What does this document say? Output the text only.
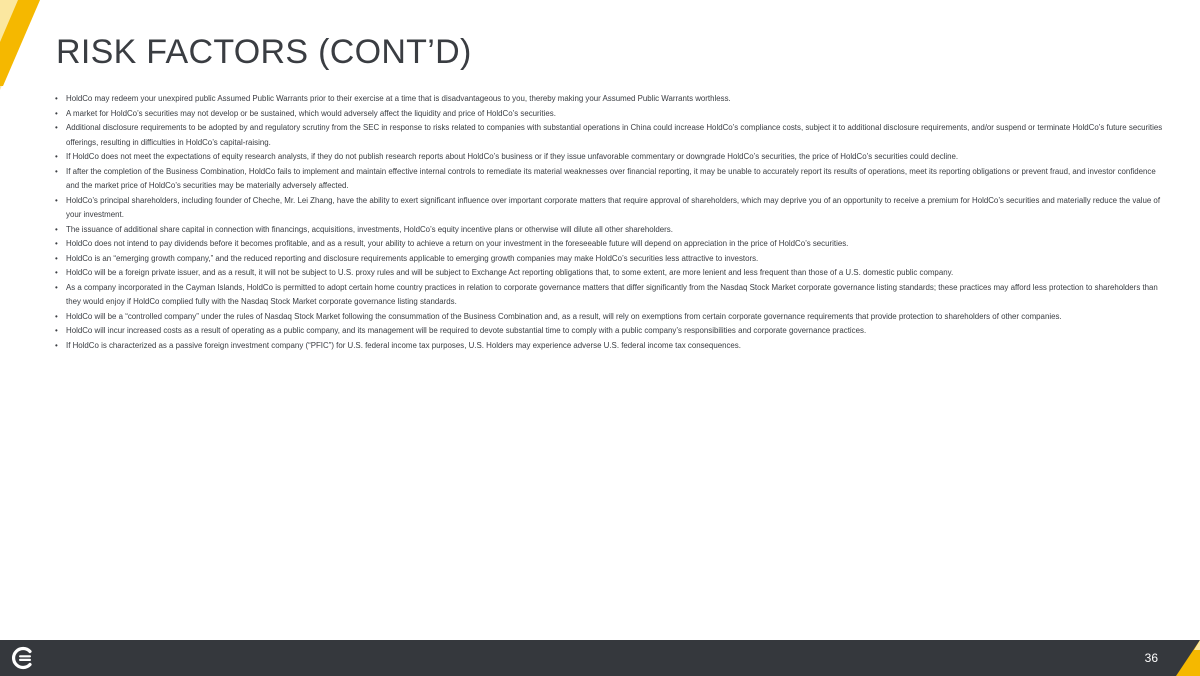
RISK FACTORS (CONT’D)
• HoldCo may redeem your unexpired public Assumed Public Warrants prior to their exercise at a time that is disadvantageous to you, thereby making your Assumed Public Warrants worthless.
• A market for HoldCo’s securities may not develop or be sustained, which would adversely affect the liquidity and price of HoldCo’s securities.
• Additional disclosure requirements to be adopted by and regulatory scrutiny from the SEC in response to risks related to companies with substantial operations in China could increase HoldCo’s compliance costs, subject it to additional disclosure requirements, and/or suspend or terminate HoldCo’s future securities offerings, resulting in difficulties in HoldCo’s capital-raising.
• If HoldCo does not meet the expectations of equity research analysts, if they do not publish research reports about HoldCo’s business or if they issue unfavorable commentary or downgrade HoldCo’s securities, the price of HoldCo’s securities could decline.
• If after the completion of the Business Combination, HoldCo fails to implement and maintain effective internal controls to remediate its material weaknesses over financial reporting, it may be unable to accurately report its results of operations, meet its reporting obligations or prevent fraud, and investor confidence and the market price of HoldCo’s securities may be materially adversely affected.
• HoldCo’s principal shareholders, including founder of Cheche, Mr. Lei Zhang, have the ability to exert significant influence over important corporate matters that require approval of shareholders, which may deprive you of an opportunity to receive a premium for HoldCo’s securities and materially reduce the value of your investment.
• The issuance of additional share capital in connection with financings, acquisitions, investments, HoldCo’s equity incentive plans or otherwise will dilute all other shareholders.
• HoldCo does not intend to pay dividends before it becomes profitable, and as a result, your ability to achieve a return on your investment in the foreseeable future will depend on appreciation in the price of HoldCo’s securities.
• HoldCo is an “emerging growth company,” and the reduced reporting and disclosure requirements applicable to emerging growth companies may make HoldCo’s securities less attractive to investors.
• HoldCo will be a foreign private issuer, and as a result, it will not be subject to U.S. proxy rules and will be subject to Exchange Act reporting obligations that, to some extent, are more lenient and less frequent than those of a U.S. domestic public company.
• As a company incorporated in the Cayman Islands, HoldCo is permitted to adopt certain home country practices in relation to corporate governance matters that differ significantly from the Nasdaq Stock Market corporate governance listing standards; these practices may afford less protection to shareholders than they would enjoy if HoldCo complied fully with the Nasdaq Stock Market corporate governance listing standards.
• HoldCo will be a “controlled company” under the rules of Nasdaq Stock Market following the consummation of the Business Combination and, as a result, will rely on exemptions from certain corporate governance requirements that provide protection to shareholders of other companies.
• HoldCo will incur increased costs as a result of operating as a public company, and its management will be required to devote substantial time to comply with a public company’s responsibilities and corporate governance practices.
• If HoldCo is characterized as a passive foreign investment company (“PFIC”) for U.S. federal income tax purposes, U.S. Holders may experience adverse U.S. federal income tax consequences.
36
